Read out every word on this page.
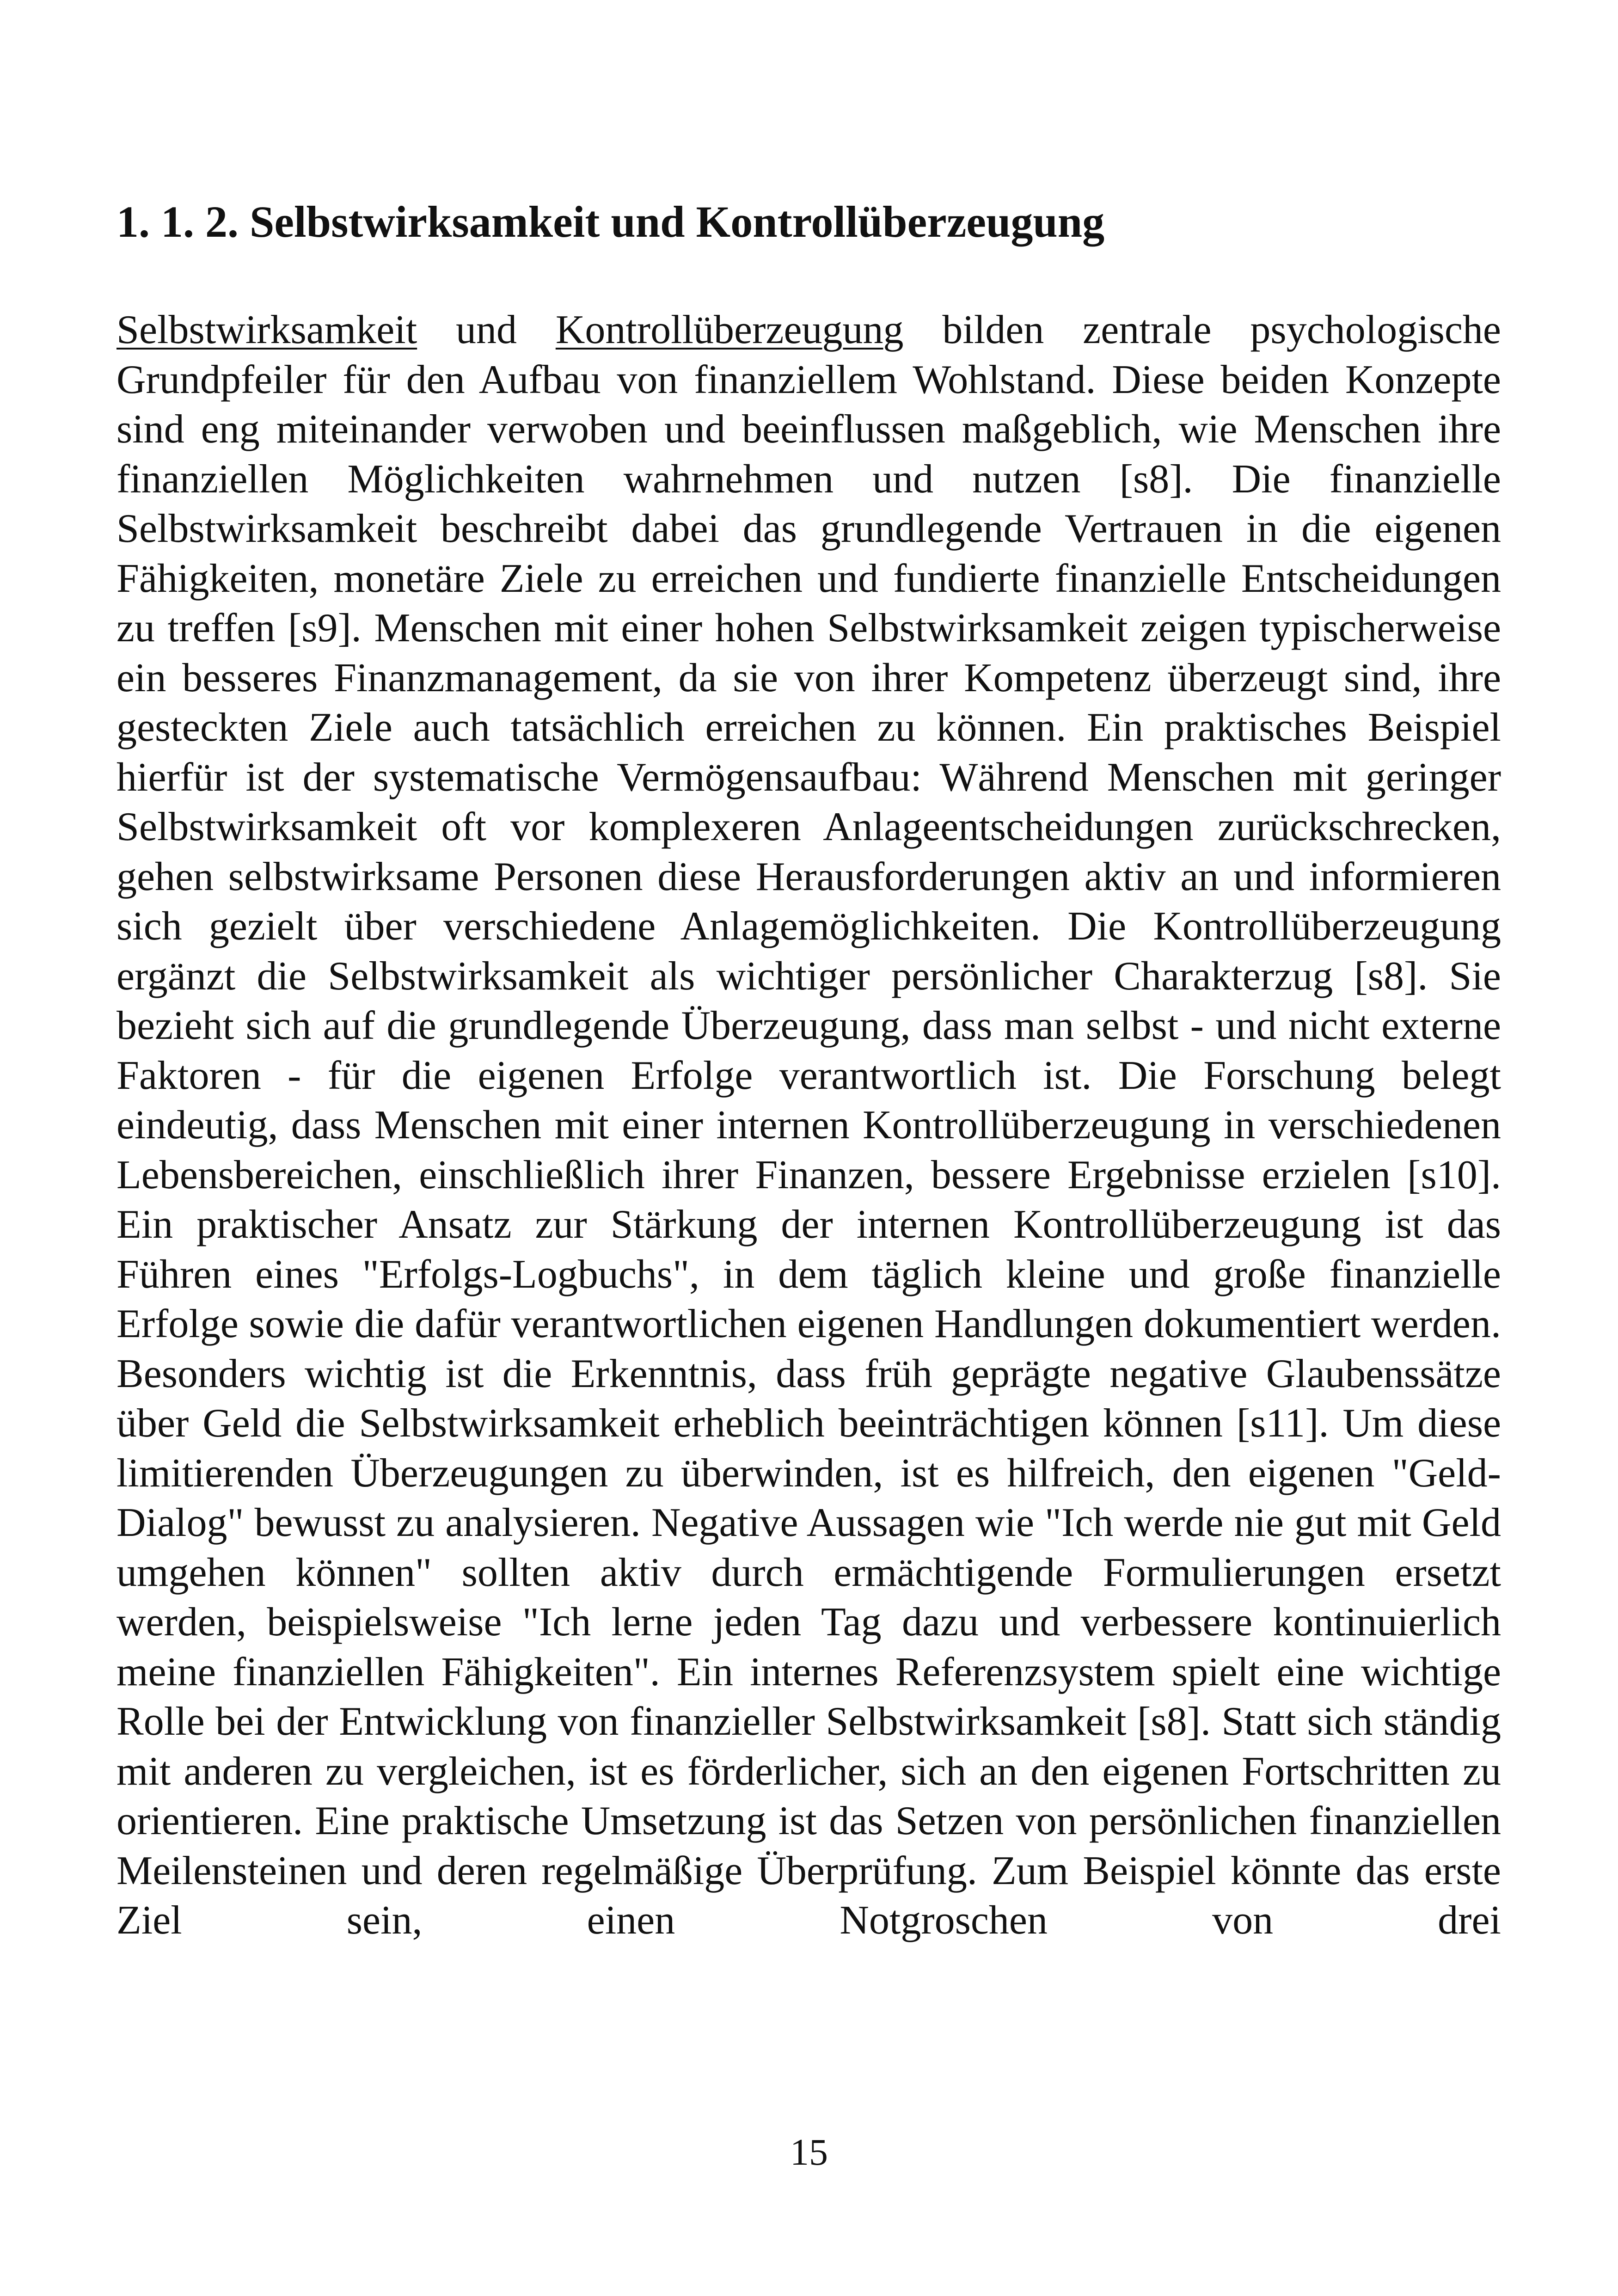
1. 1. 2. Selbstwirksamkeit und Kontrollüberzeugung

Selbstwirksamkeit und Kontrollüberzeugung bilden zentrale psychologische Grundpfeiler für den Aufbau von finanziellem Wohlstand. Diese beiden Konzepte sind eng miteinander verwoben und beeinflussen maßgeblich, wie Menschen ihre finanziellen Möglichkeiten wahrnehmen und nutzen [s8]. Die finanzielle Selbstwirksamkeit beschreibt dabei das grundlegende Vertrauen in die eigenen Fähigkeiten, monetäre Ziele zu erreichen und fundierte finanzielle Entscheidungen zu treffen [s9]. Menschen mit einer hohen Selbstwirksamkeit zeigen typischerweise ein besseres Finanzmanagement, da sie von ihrer Kompetenz überzeugt sind, ihre gesteckten Ziele auch tatsächlich erreichen zu können. Ein praktisches Beispiel hierfür ist der systematische Vermögensaufbau: Während Menschen mit geringer Selbstwirksamkeit oft vor komplexeren Anlageentscheidungen zurückschrecken, gehen selbstwirksame Personen diese Herausforderungen aktiv an und informieren sich gezielt über verschiedene Anlagemöglichkeiten. Die Kontrollüberzeugung ergänzt die Selbstwirksamkeit als wichtiger persönlicher Charakterzug [s8]. Sie bezieht sich auf die grundlegende Überzeugung, dass man selbst - und nicht externe Faktoren - für die eigenen Erfolge verantwortlich ist. Die Forschung belegt eindeutig, dass Menschen mit einer internen Kontrollüberzeugung in verschiedenen Lebensbereichen, einschließlich ihrer Finanzen, bessere Ergebnisse erzielen [s10]. Ein praktischer Ansatz zur Stärkung der internen Kontrollüberzeugung ist das Führen eines "Erfolgs-Logbuchs", in dem täglich kleine und große finanzielle Erfolge sowie die dafür verantwortlichen eigenen Handlungen dokumentiert werden. Besonders wichtig ist die Erkenntnis, dass früh geprägte negative Glaubenssätze über Geld die Selbstwirksamkeit erheblich beeinträchtigen können [s11]. Um diese limitierenden Überzeugungen zu überwinden, ist es hilfreich, den eigenen "Geld-Dialog" bewusst zu analysieren. Negative Aussagen wie "Ich werde nie gut mit Geld umgehen können" sollten aktiv durch ermächtigende Formulierungen ersetzt werden, beispielsweise "Ich lerne jeden Tag dazu und verbessere kontinuierlich meine finanziellen Fähigkeiten". Ein internes Referenzsystem spielt eine wichtige Rolle bei der Entwicklung von finanzieller Selbstwirksamkeit [s8]. Statt sich ständig mit anderen zu vergleichen, ist es förderlicher, sich an den eigenen Fortschritten zu orientieren. Eine praktische Umsetzung ist das Setzen von persönlichen finanziellen Meilensteinen und deren regelmäßige Überprüfung. Zum Beispiel könnte das erste Ziel sein, einen Notgroschen von drei

15
